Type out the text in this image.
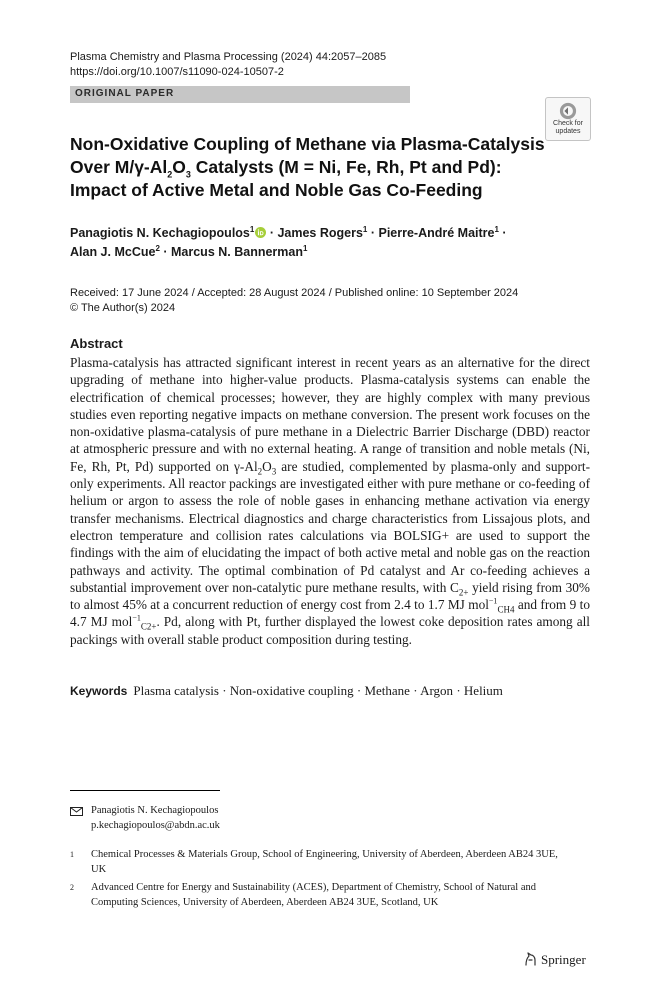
Plasma Chemistry and Plasma Processing (2024) 44:2057–2085
https://doi.org/10.1007/s11090-024-10507-2
ORIGINAL PAPER
Check for
updates
Non-Oxidative Coupling of Methane via Plasma-Catalysis Over $M/\gamma-Al_2O_3$ Catalysts (M = Ni, Fe, Rh, Pt and Pd): Impact of Active Metal and Noble Gas Co-Feeding
Panagiotis N. Kechagiopoulos$^1$ · James Rogers$^1$ · Pierre-André Maitre$^1$ ·
Alan J. McCue$^2$ · Marcus N. Bannerman$^1$
Received: 17 June 2024 / Accepted: 28 August 2024 / Published online: 10 September 2024
© The Author(s) 2024
Abstract
Plasma-catalysis has attracted significant interest in recent years as an alternative for the direct upgrading of methane into higher-value products. Plasma-catalysis systems can enable the electrification of chemical processes; however, they are highly complex with many previous studies even reporting negative impacts on methane conversion. The present work focuses on the non-oxidative plasma-catalysis of pure methane in a Dielectric Barrier Discharge (DBD) reactor at atmospheric pressure and with no external heating. A range of transition and noble metals (Ni, Fe, Rh, Pt, Pd) supported on $\gamma-Al_2O_3$ are studied, complemented by plasma-only and support-only experiments. All reactor packings are investigated either with pure methane or co-feeding of helium or argon to assess the role of noble gases in enhancing methane activation via energy transfer mechanisms. Electrical diagnostics and charge characteristics from Lissajous plots, and electron temperature and collision rates calculations via BOLSIG+ are used to support the findings with the aim of elucidating the impact of both active metal and noble gas on the reaction pathways and activity. The optimal combination of Pd catalyst and Ar co-feeding achieves a substantial improvement over non-catalytic pure methane results, with $C_{2+}$ yield rising from 30% to almost 45% at a concurrent reduction of energy cost from 2.4 to 1.7 MJ mol$^{-1}_{CH4}$ and from 9 to 4.7 MJ mol$^{-1}_{C2+}$. Pd, along with Pt, further displayed the lowest coke deposition rates among all packings with overall stable product composition during testing.
Keywords Plasma catalysis · Non-oxidative coupling · Methane · Argon · Helium
Panagiotis N. Kechagiopoulos
p.kechagiopoulos@abdn.ac.uk
1 Chemical Processes & Materials Group, School of Engineering, University of Aberdeen, Aberdeen AB24 3UE, UK
2 Advanced Centre for Energy and Sustainability (ACES), Department of Chemistry, School of Natural and Computing Sciences, University of Aberdeen, Aberdeen AB24 3UE, Scotland, UK
Springer
